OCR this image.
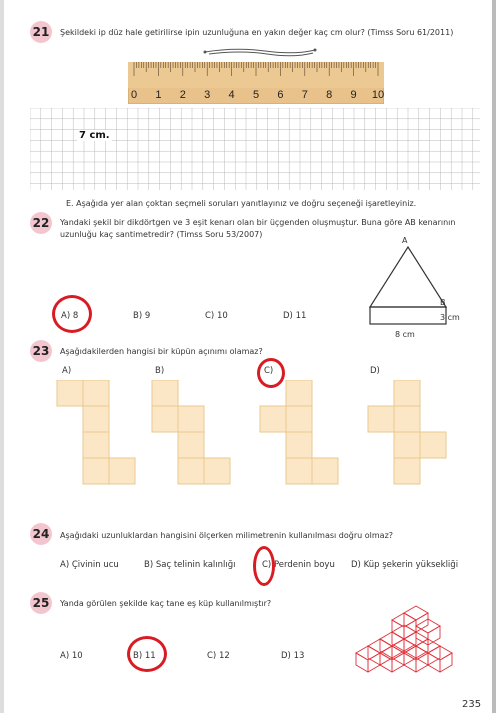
21	Şekildeki ip düz hale getirilirse ipin uzunluğuna en yakın değer kaç cm olur? (Timss Soru 61/2011)
0 1 2 3 4 5 6 7 8 9 10
7 cm.
E. Aşağıda yer alan çoktan seçmeli soruları yanıtlayınız ve doğru seçeneği işaretleyiniz.
22	Yandaki şekil bir dikdörtgen ve 3 eşit kenarı olan bir üçgenden oluşmuştur. Buna göre AB kenarının
uzunluğu kaç santimetredir? (Timss Soru 53/2007)
A
B
3 cm
8 cm
A) 8	B) 9	C) 10	D) 11
23	Aşağıdakilerden hangisi bir küpün açınımı olamaz?
A)	B)	C)	D)
24	Aşağıdaki uzunluklardan hangisini ölçerken milimetrenin kullanılması doğru olmaz?
A) Çivinin ucu	B) Saç telinin kalınlığı	C) Perdenin boyu D) Küp şekerin yüksekliği
25	Yanda görülen şekilde kaç tane eş küp kullanılmıştır?
A) 10	B) 11	C) 12	D) 13
235
